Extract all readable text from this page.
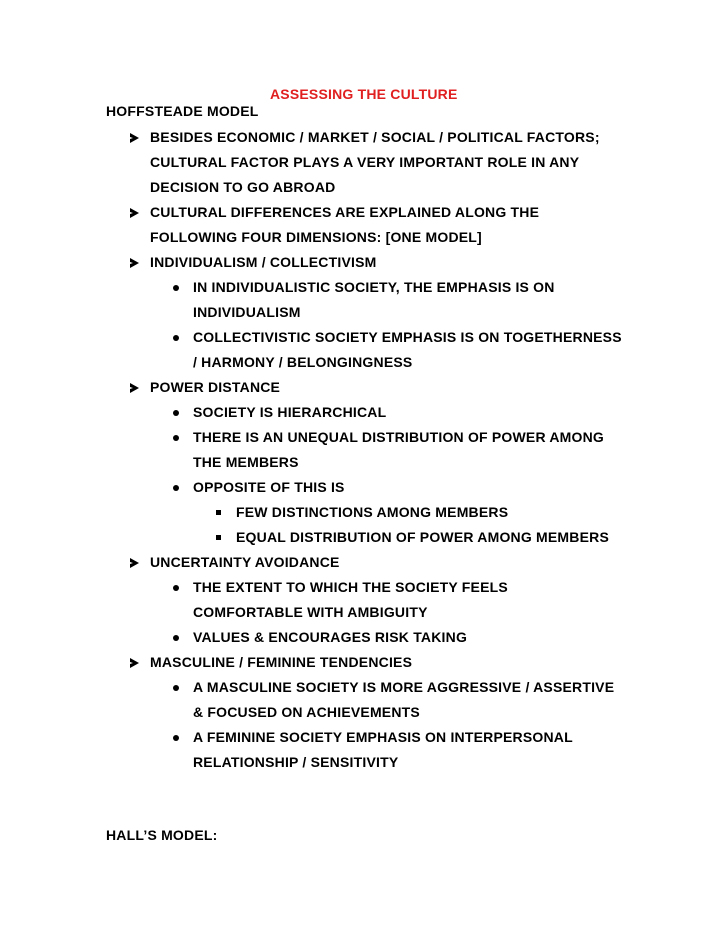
ASSESSING THE CULTURE
HOFFSTEADE MODEL
BESIDES ECONOMIC / MARKET / SOCIAL / POLITICAL FACTORS;
CULTURAL FACTOR PLAYS A VERY IMPORTANT ROLE IN ANY
DECISION TO GO ABROAD
CULTURAL DIFFERENCES ARE EXPLAINED ALONG THE
FOLLOWING FOUR DIMENSIONS: [ONE MODEL]
INDIVIDUALISM / COLLECTIVISM
IN INDIVIDUALISTIC SOCIETY, THE EMPHASIS IS ON
INDIVIDUALISM
COLLECTIVISTIC SOCIETY EMPHASIS IS ON TOGETHERNESS
/ HARMONY / BELONGINGNESS
POWER DISTANCE
SOCIETY IS HIERARCHICAL
THERE IS AN UNEQUAL DISTRIBUTION OF POWER AMONG
THE MEMBERS
OPPOSITE OF THIS IS
FEW DISTINCTIONS AMONG MEMBERS
EQUAL DISTRIBUTION OF POWER AMONG MEMBERS
UNCERTAINTY AVOIDANCE
THE EXTENT TO WHICH THE SOCIETY FEELS
COMFORTABLE WITH AMBIGUITY
VALUES & ENCOURAGES RISK TAKING
MASCULINE / FEMININE TENDENCIES
A MASCULINE SOCIETY IS MORE AGGRESSIVE / ASSERTIVE
& FOCUSED ON ACHIEVEMENTS
A FEMININE SOCIETY EMPHASIS ON INTERPERSONAL
RELATIONSHIP / SENSITIVITY
HALL’S MODEL:
